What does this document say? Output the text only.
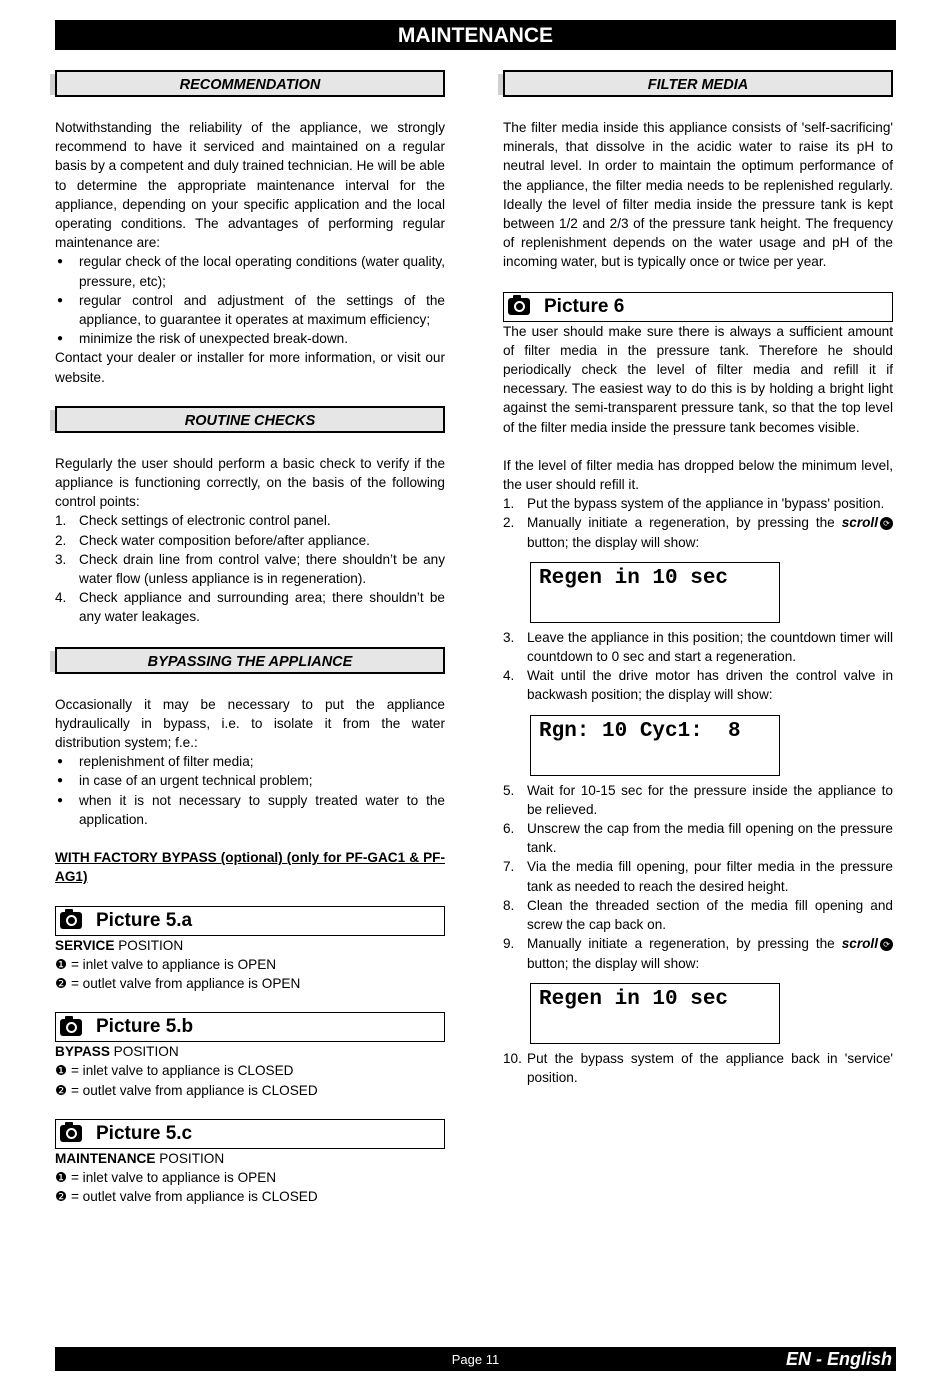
MAINTENANCE
RECOMMENDATION

Notwithstanding the reliability of the appliance, we strongly recommend to have it serviced and maintained on a regular basis by a competent and duly trained technician. He will be able to determine the appropriate maintenance interval for the appliance, depending on your specific application and the local operating conditions. The advantages of performing regular maintenance are:

● regular check of the local operating conditions (water quality, pressure, etc);
● regular control and adjustment of the settings of the appliance, to guarantee it operates at maximum efficiency;
● minimize the risk of unexpected break-down.

Contact your dealer or installer for more information, or visit our website.

ROUTINE CHECKS

Regularly the user should perform a basic check to verify if the appliance is functioning correctly, on the basis of the following control points:

1. Check settings of electronic control panel.
2. Check water composition before/after appliance.
3. Check drain line from control valve; there shouldn’t be any water flow (unless appliance is in regeneration).
4. Check appliance and surrounding area; there shouldn’t be any water leakages.
BYPASSING THE APPLIANCE

Occasionally it may be necessary to put the appliance hydraulically in bypass, i.e. to isolate it from the water distribution system; f.e.:

● replenishment of filter media;
● in case of an urgent technical problem;
● when it is not necessary to supply treated water to the application.

WITH FACTORY BYPASS (optional) (only for PF-GAC1 & PF-AG1)

Picture 5.a

SERVICE POSITION

❶ = inlet valve to appliance is OPEN

❷ = outlet valve from appliance is OPEN

Picture 5.b

BYPASS POSITION

❶ = inlet valve to appliance is CLOSED

❷ = outlet valve from appliance is CLOSED

Picture 5.c

MAINTENANCE POSITION

❶ = inlet valve to appliance is OPEN

❷ = outlet valve from appliance is CLOSED

FILTER MEDIA

The filter media inside this appliance consists of 'self-sacrificing' minerals, that dissolve in the acidic water to raise its pH to neutral level. In order to maintain the optimum performance of the appliance, the filter media needs to be replenished regularly. Ideally the level of filter media inside the pressure tank is kept between 1/2 and 2/3 of the pressure tank height. The frequency of replenishment depends on the water usage and pH of the incoming water, but is typically once or twice per year.

Picture 6

The user should make sure there is always a sufficient amount of filter media in the pressure tank. Therefore he should periodically check the level of filter media and refill it if necessary. The easiest way to do this is by holding a bright light against the semi-transparent pressure tank, so that the top level of the filter media inside the pressure tank becomes visible.

If the level of filter media has dropped below the minimum level, the user should refill it.

1. Put the bypass system of the appliance in 'bypass' position.
2. Manually initiate a regeneration, by pressing the scroll ⟳ button; the display will show:
Regen in 10 sec
3. Leave the appliance in this position; the countdown timer will countdown to 0 sec and start a regeneration.
4. Wait until the drive motor has driven the control valve in backwash position; the display will show:
Rgn: 10 Cyc1:  8
5. Wait for 10-15 sec for the pressure inside the appliance to be relieved.
6. Unscrew the cap from the media fill opening on the pressure tank.
7. Via the media fill opening, pour filter media in the pressure tank as needed to reach the desired height.
8. Clean the threaded section of the media fill opening and screw the cap back on.
9. Manually initiate a regeneration, by pressing the scroll ⟳ button; the display will show:
Regen in 10 sec
10. Put the bypass system of the appliance back in 'service' position.
Page 11	EN - English
